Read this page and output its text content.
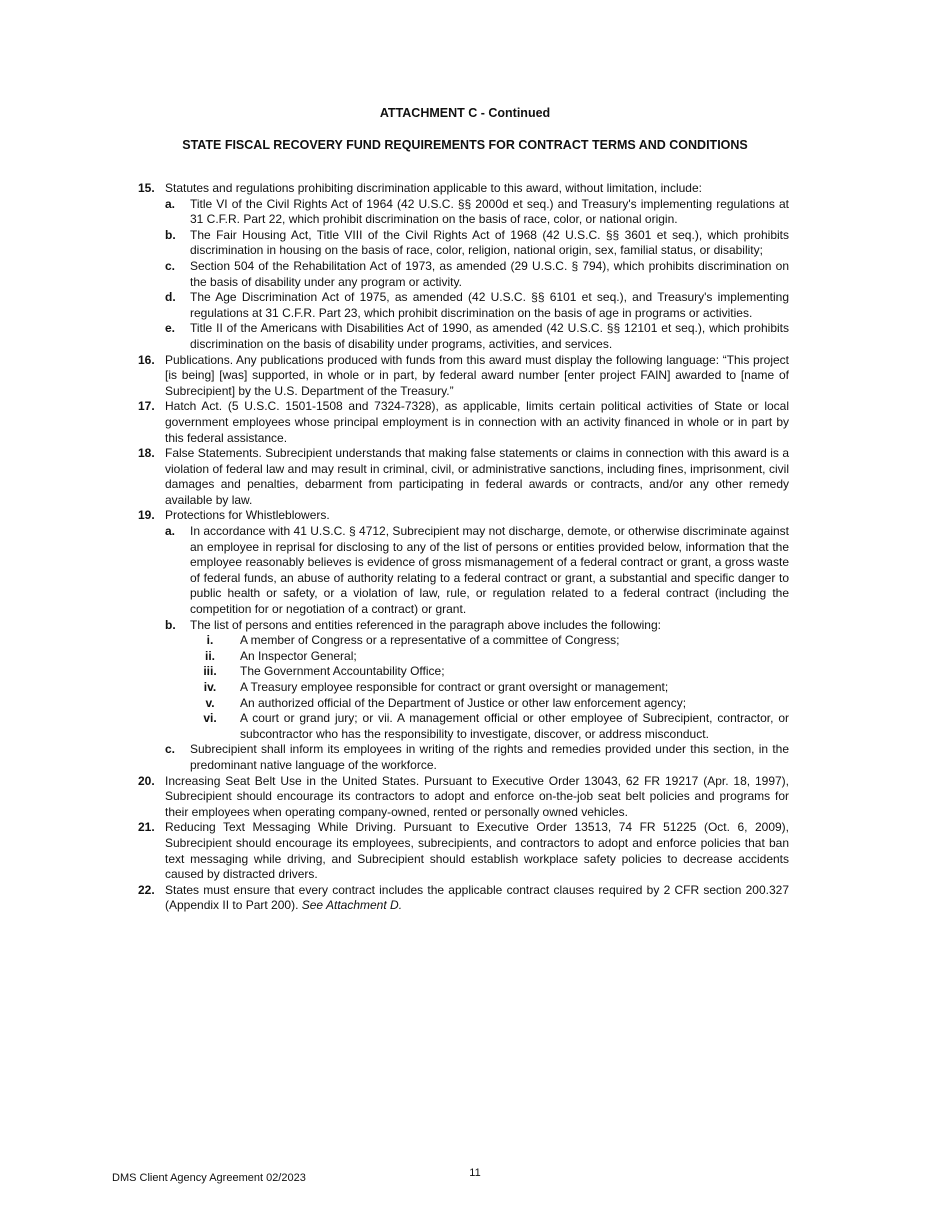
ATTACHMENT C - Continued
STATE FISCAL RECOVERY FUND REQUIREMENTS FOR CONTRACT TERMS AND CONDITIONS
15. Statutes and regulations prohibiting discrimination applicable to this award, without limitation, include:
a. Title VI of the Civil Rights Act of 1964 (42 U.S.C. §§ 2000d et seq.) and Treasury's implementing regulations at 31 C.F.R. Part 22, which prohibit discrimination on the basis of race, color, or national origin.
b. The Fair Housing Act, Title VIII of the Civil Rights Act of 1968 (42 U.S.C. §§ 3601 et seq.), which prohibits discrimination in housing on the basis of race, color, religion, national origin, sex, familial status, or disability;
c. Section 504 of the Rehabilitation Act of 1973, as amended (29 U.S.C. § 794), which prohibits discrimination on the basis of disability under any program or activity.
d. The Age Discrimination Act of 1975, as amended (42 U.S.C. §§ 6101 et seq.), and Treasury's implementing regulations at 31 C.F.R. Part 23, which prohibit discrimination on the basis of age in programs or activities.
e. Title II of the Americans with Disabilities Act of 1990, as amended (42 U.S.C. §§ 12101 et seq.), which prohibits discrimination on the basis of disability under programs, activities, and services.
16. Publications. Any publications produced with funds from this award must display the following language: “This project [is being] [was] supported, in whole or in part, by federal award number [enter project FAIN] awarded to [name of Subrecipient] by the U.S. Department of the Treasury.”
17. Hatch Act. (5 U.S.C. 1501-1508 and 7324-7328), as applicable, limits certain political activities of State or local government employees whose principal employment is in connection with an activity financed in whole or in part by this federal assistance.
18. False Statements. Subrecipient understands that making false statements or claims in connection with this award is a violation of federal law and may result in criminal, civil, or administrative sanctions, including fines, imprisonment, civil damages and penalties, debarment from participating in federal awards or contracts, and/or any other remedy available by law.
19. Protections for Whistleblowers.
a. In accordance with 41 U.S.C. § 4712, Subrecipient may not discharge, demote, or otherwise discriminate against an employee in reprisal for disclosing to any of the list of persons or entities provided below, information that the employee reasonably believes is evidence of gross mismanagement of a federal contract or grant, a gross waste of federal funds, an abuse of authority relating to a federal contract or grant, a substantial and specific danger to public health or safety, or a violation of law, rule, or regulation related to a federal contract (including the competition for or negotiation of a contract) or grant.
b. The list of persons and entities referenced in the paragraph above includes the following:
i.	A member of Congress or a representative of a committee of Congress;
ii.	An Inspector General;
iii.	The Government Accountability Office;
iv.	A Treasury employee responsible for contract or grant oversight or management;
v.	An authorized official of the Department of Justice or other law enforcement agency;
vi.	A court or grand jury; or vii. A management official or other employee of Subrecipient, contractor, or subcontractor who has the responsibility to investigate, discover, or address misconduct.
c. Subrecipient shall inform its employees in writing of the rights and remedies provided under this section, in the predominant native language of the workforce.
20. Increasing Seat Belt Use in the United States. Pursuant to Executive Order 13043, 62 FR 19217 (Apr. 18, 1997), Subrecipient should encourage its contractors to adopt and enforce on-the-job seat belt policies and programs for their employees when operating company-owned, rented or personally owned vehicles.
21. Reducing Text Messaging While Driving. Pursuant to Executive Order 13513, 74 FR 51225 (Oct. 6, 2009), Subrecipient should encourage its employees, subrecipients, and contractors to adopt and enforce policies that ban text messaging while driving, and Subrecipient should establish workplace safety policies to decrease accidents caused by distracted drivers.
22. States must ensure that every contract includes the applicable contract clauses required by 2 CFR section 200.327 (Appendix II to Part 200). See Attachment D.
11
DMS Client Agency Agreement 02/2023
